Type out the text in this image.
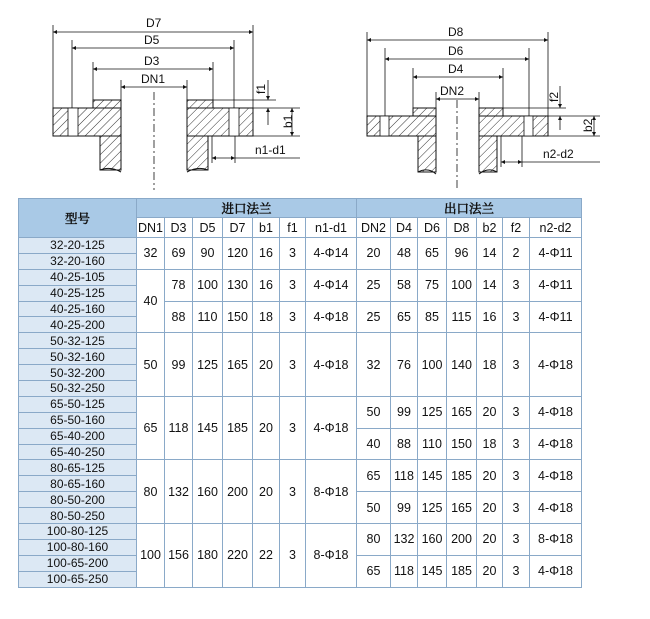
D7
D5
D3
DN1
f1
b1
n1-d1
D8
D6
D4
DN2	f2
b2
n2-d2
型号	进口法兰							出口法兰						
	DN1	D3	D5	D7	b1	f1	n1-d1	DN2	D4	D6	D8	b2	f2	n2-d2
32-20-125	32	69	90	120	16	3	4-Φ14	20	48	65	96	14	2	4-Φ11
32-20-160														
40-25-105	40	78	100	130	16	3	4-Φ14	25	58	75	100	14	3	4-Φ11
40-25-125														
40-25-160		88	110	150	18	3	4-Φ18	25	65	85	115	16	3	4-Φ11
40-25-200														
50-32-125	50	99	125	165	20	3	4-Φ18	32	76	100	140	18	3	4-Φ18
50-32-160														
50-32-200														
50-32-250														
65-50-125	65	118	145	185	20	3	4-Φ18	50	99	125	165	20	3	4-Φ18
65-50-160														
65-40-200								40	88	110	150	18	3	4-Φ18
65-40-250														
80-65-125	80	132	160	200	20	3	8-Φ18	65	118	145	185	20	3	4-Φ18
80-65-160														
80-50-200								50	99	125	165	20	3	4-Φ18
80-50-250														
100-80-125	100	156	180	220	22	3	8-Φ18	80	132	160	200	20	3	8-Φ18
100-80-160														
100-65-200								65	118	145	185	20	3	4-Φ18
100-65-250														
